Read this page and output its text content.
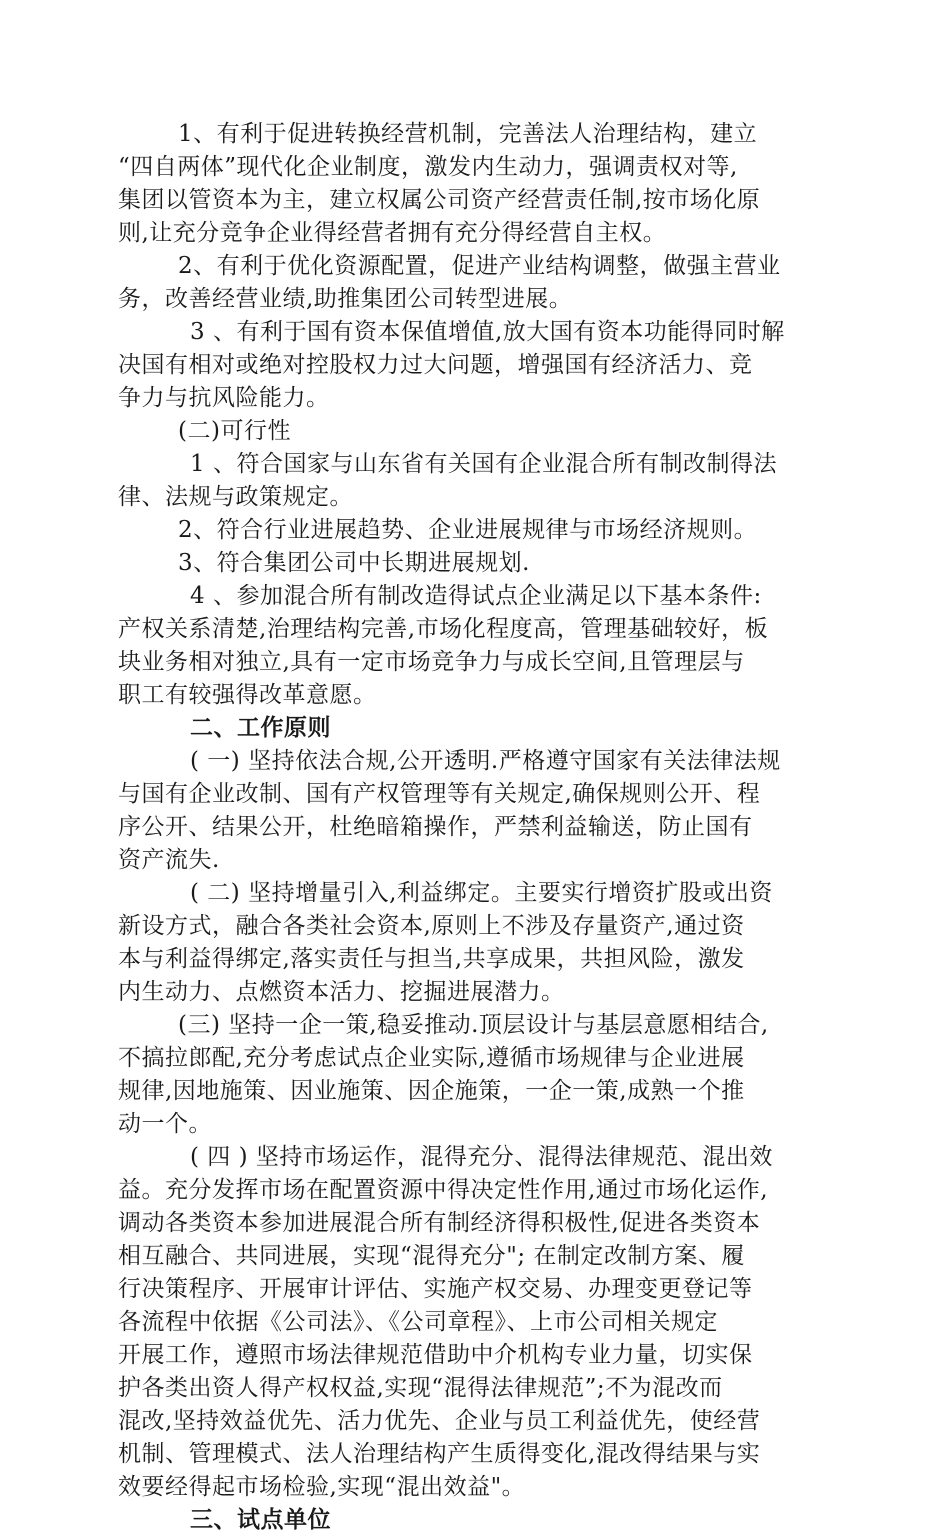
1、有利于促进转换经营机制，完善法人治理结构，建立
“四自两体”现代化企业制度，激发内生动力，强调责权对等,
集团以管资本为主，建立权属公司资产经营责任制,按市场化原
则,让充分竞争企业得经营者拥有充分得经营自主权。
2、有利于优化资源配置，促进产业结构调整，做强主营业
务，改善经营业绩,助推集团公司转型进展。
3 、有利于国有资本保值增值,放大国有资本功能得同时解
决国有相对或绝对控股权力过大问题，增强国有经济活力、竞
争力与抗风险能力。
(二)可行性
1 、符合国家与山东省有关国有企业混合所有制改制得法
律、法规与政策规定。
2、符合行业进展趋势、企业进展规律与市场经济规则。
3、符合集团公司中长期进展规划.
4 、参加混合所有制改造得试点企业满足以下基本条件:
产权关系清楚,治理结构完善,市场化程度高，管理基础较好，板
块业务相对独立,具有一定市场竞争力与成长空间,且管理层与
职工有较强得改革意愿。
二、工作原则
( 一) 坚持依法合规,公开透明.严格遵守国家有关法律法规
与国有企业改制、国有产权管理等有关规定,确保规则公开、程
序公开、结果公开，杜绝暗箱操作，严禁利益输送，防止国有
资产流失.
( 二) 坚持增量引入,利益绑定。主要实行增资扩股或出资
新设方式，融合各类社会资本,原则上不涉及存量资产,通过资
本与利益得绑定,落实责任与担当,共享成果，共担风险，激发
内生动力、点燃资本活力、挖掘进展潜力。
(三) 坚持一企一策,稳妥推动.顶层设计与基层意愿相结合,
不搞拉郎配,充分考虑试点企业实际,遵循市场规律与企业进展
规律,因地施策、因业施策、因企施策，一企一策,成熟一个推
动一个。
( 四 ) 坚持市场运作，混得充分、混得法律规范、混出效
益。充分发挥市场在配置资源中得决定性作用,通过市场化运作,
调动各类资本参加进展混合所有制经济得积极性,促进各类资本
相互融合、共同进展，实现“混得充分"; 在制定改制方案、履
行决策程序、开展审计评估、实施产权交易、办理变更登记等
各流程中依据《公司法》、《公司章程》、上市公司相关规定
开展工作，遵照市场法律规范借助中介机构专业力量，切实保
护各类出资人得产权权益,实现“混得法律规范”;不为混改而
混改,坚持效益优先、活力优先、企业与员工利益优先，使经营
机制、管理模式、法人治理结构产生质得变化,混改得结果与实
效要经得起市场检验,实现“混出效益"。
三、试点单位
